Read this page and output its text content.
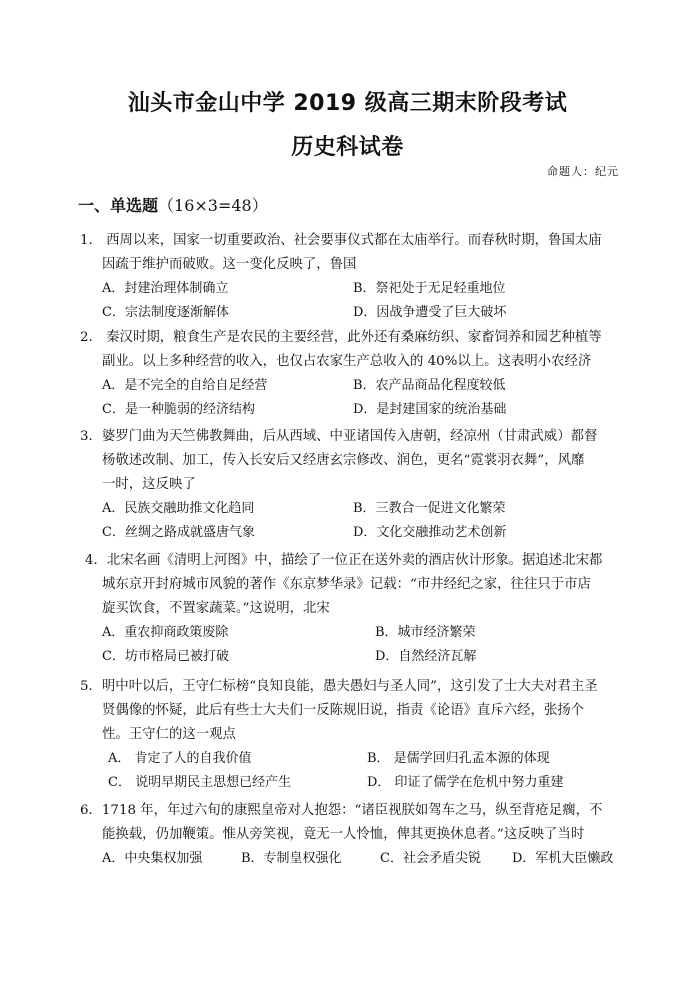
汕头市金山中学 2019 级高三期末阶段考试
历史科试卷
命题人：纪元
一、单选题（16×3=48）
1.　西周以来，国家一切重要政治、社会要事仪式都在太庙举行。而春秋时期，鲁国太庙
因疏于维护而破败。这一变化反映了，鲁国
A．封建治理体制确立	B．祭祀处于无足轻重地位
C．宗法制度逐渐解体	D．因战争遭受了巨大破坏
2.　秦汉时期，粮食生产是农民的主要经营，此外还有桑麻纺织、家畜饲养和园艺种植等
副业。以上多种经营的收入，也仅占农家生产总收入的 40%以上。这表明小农经济
A．是不完全的自给自足经营	B．农产品商品化程度较低
C．是一种脆弱的经济结构	D．是封建国家的统治基础
3．婆罗门曲为天竺佛教舞曲，后从西域、中亚诸国传入唐朝，经凉州（甘肃武威）都督
杨敬述改制、加工，传入长安后又经唐玄宗修改、润色，更名“霓裳羽衣舞”，风靡
一时，这反映了
A．民族交融助推文化趋同	B．三教合一促进文化繁荣
C．丝绸之路成就盛唐气象	D．文化交融推动艺术创新
4．北宋名画《清明上河图》中，描绘了一位正在送外卖的酒店伙计形象。据追述北宋都
城东京开封府城市风貌的著作《东京梦华录》记载：“市井经纪之家，往往只于市店
旋买饮食，不置家蔬菜。”这说明，北宋
A．重农抑商政策废除	B．城市经济繁荣
C．坊市格局已被打破	D．自然经济瓦解
5．明中叶以后，王守仁标榜“良知良能，愚夫愚妇与圣人同”，这引发了士大夫对君主圣
贤偶像的怀疑，此后有些士大夫们一反陈规旧说，指责《论语》直斥六经，张扬个
性。王守仁的这一观点
A． 肯定了人的自我价值	B． 是儒学回归孔孟本源的体现
C． 说明早期民主思想已经产生	D． 印证了儒学在危机中努力重建
6．1718 年，年过六旬的康熙皇帝对人抱怨：“诸臣视朕如驾车之马，纵至背疮足瘸，不
能换载，仍加鞭策。惟从旁笑视，竟无一人怜恤，俾其更换休息者。”这反映了当时
A．中央集权加强	B．专制皇权强化	C．社会矛盾尖锐 D．军机大臣懒政
